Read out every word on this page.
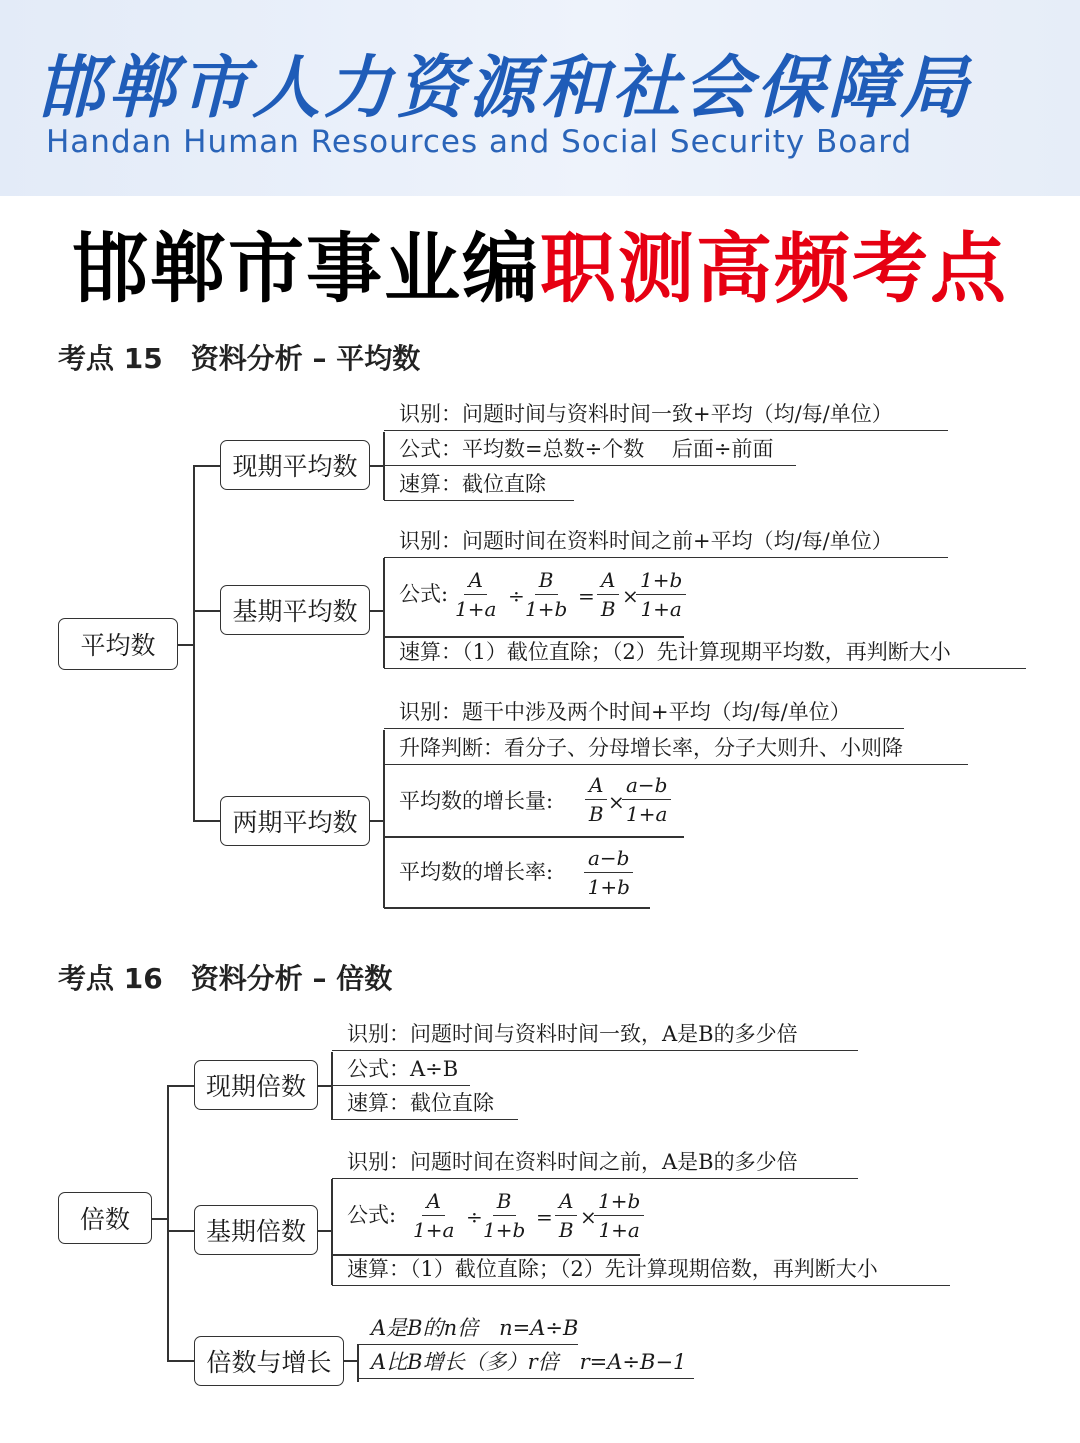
邯郸市人力资源和社会保障局
Handan Human Resources and Social Security Board
邯郸市事业编职测高频考点
考点 15　资料分析 – 平均数
平均数
现期平均数
识别：问题时间与资料时间一致+平均（均/每/单位）
公式：平均数=总数÷个数　 后面÷前面
速算：截位直除
基期平均数
识别：问题时间在资料时间之前+平均（均/每/单位）
公式: $\frac{A}{1+a} \div \frac{B}{1+b} = \frac{A}{B}$ ×
$\frac{1+b}{1+a}$
速算：（1）截位直除；（2）先计算现期平均数，再判断大小
两期平均数
识别：题干中涉及两个时间+平均（均/每/单位）
升降判断：看分子、分母增长率，分子大则升、小则降
平均数的增长量: $\frac{A}{B}$ ×
$\frac{a-b}{1+a}$
平均数的增长率: $\frac{a-b}{1+b}$
考点 16　资料分析 – 倍数
倍数
现期倍数
识别：问题时间与资料时间一致，A是B的多少倍
公式：A÷B
速算：截位直除
基期倍数
识别：问题时间在资料时间之前，A是B的多少倍
公式: $\frac{A}{1+a} \div \frac{B}{1+b} = \frac{A}{B}$ ×
$\frac{1+b}{1+a}$
速算：（1）截位直除；（2）先计算现期倍数，再判断大小
倍数与增长
A是B的n倍　n=A÷B
A比B增长（多）r倍　r=A÷B−1
